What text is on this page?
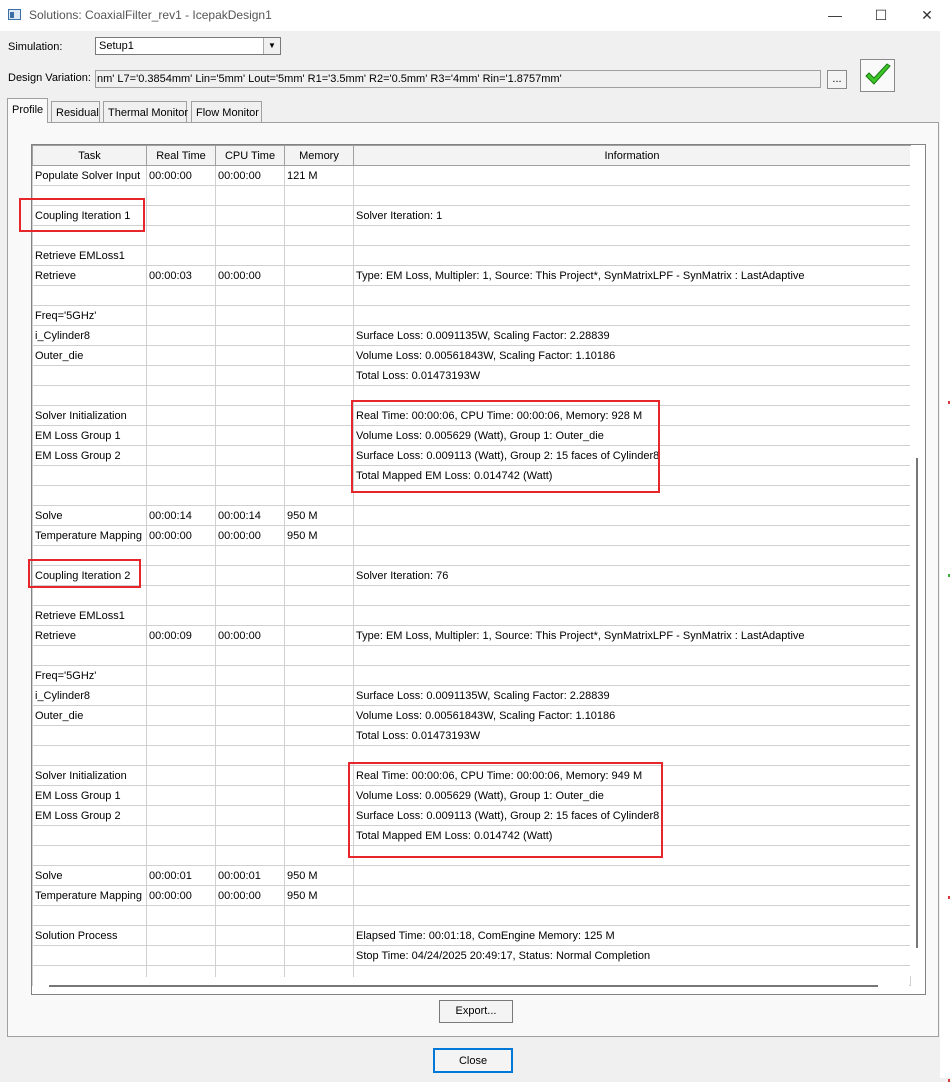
Solutions: CoaxialFilter_rev1 - IcepakDesign1	—	☐	✕
Simulation:	Setup1	▼
Design Variation: nm' L7='0.3854mm' Lin='5mm' Lout='5mm' R1='3.5mm' R2='0.5mm' R3='4mm' Rin='1.8757mm'	...
Profile	Residual Thermal Monitor Flow Monitor
Task	Real Time	CPU Time	Memory	Information
Populate Solver Input	00:00:00	00:00:00	121 M	

Coupling Iteration 1				Solver Iteration: 1

Retrieve EMLoss1				
Retrieve	00:00:03	00:00:00		Type: EM Loss, Multipler: 1, Source: This Project*, SynMatrixLPF - SynMatrix : LastAdaptive

Freq='5GHz'				
i_Cylinder8				Surface Loss: 0.0091135W, Scaling Factor: 2.28839
Outer_die				Volume Loss: 0.00561843W, Scaling Factor: 1.10186
				Total Loss: 0.01473193W

Solver Initialization				Real Time: 00:00:06, CPU Time: 00:00:06, Memory: 928 M
EM Loss Group 1				Volume Loss: 0.005629 (Watt), Group 1: Outer_die
EM Loss Group 2				Surface Loss: 0.009113 (Watt), Group 2: 15 faces of Cylinder8
				Total Mapped EM Loss: 0.014742 (Watt)

Solve	00:00:14	00:00:14	950 M	
Temperature Mapping	00:00:00	00:00:00	950 M	

Coupling Iteration 2				Solver Iteration: 76

Retrieve EMLoss1				
Retrieve	00:00:09	00:00:00		Type: EM Loss, Multipler: 1, Source: This Project*, SynMatrixLPF - SynMatrix : LastAdaptive

Freq='5GHz'				
i_Cylinder8				Surface Loss: 0.0091135W, Scaling Factor: 2.28839
Outer_die				Volume Loss: 0.00561843W, Scaling Factor: 1.10186
				Total Loss: 0.01473193W

Solver Initialization				Real Time: 00:00:06, CPU Time: 00:00:06, Memory: 949 M
EM Loss Group 1				Volume Loss: 0.005629 (Watt), Group 1: Outer_die
EM Loss Group 2				Surface Loss: 0.009113 (Watt), Group 2: 15 faces of Cylinder8
				Total Mapped EM Loss: 0.014742 (Watt)

Solve	00:00:01	00:00:01	950 M	
Temperature Mapping	00:00:00	00:00:00	950 M	

Solution Process				Elapsed Time: 00:01:18, ComEngine Memory: 125 M
				Stop Time: 04/24/2025 20:49:17, Status: Normal Completion

Export...
Close
